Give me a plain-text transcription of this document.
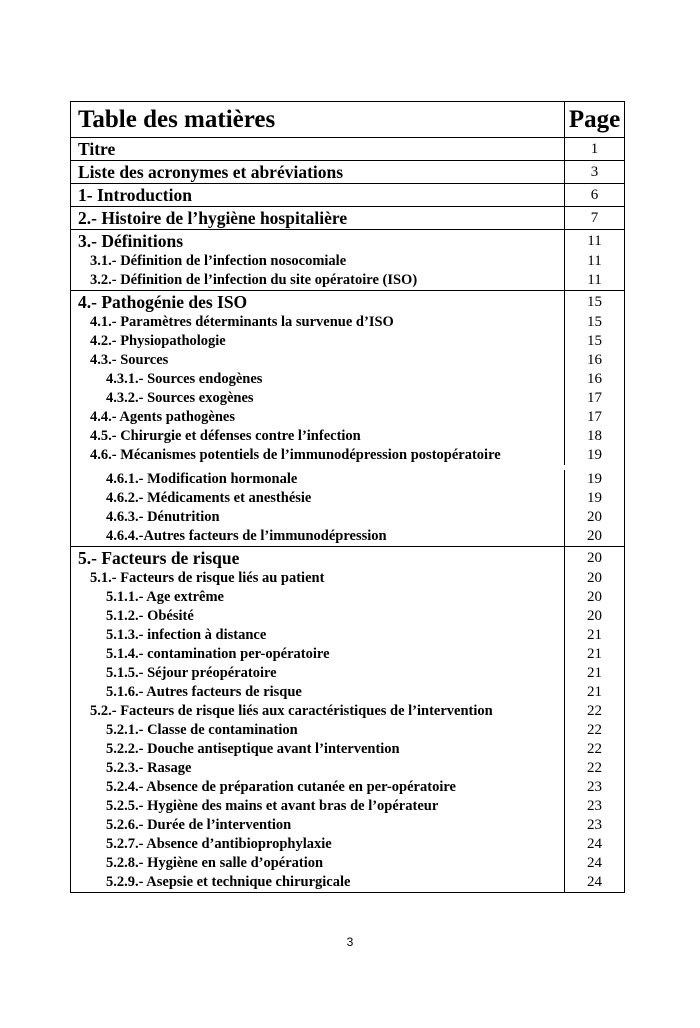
Table des matières	Page
Titre	1
Liste des acronymes et abréviations	3
1- Introduction	6
2.- Histoire de l’hygiène hospitalière	7
3.- Définitions	11
3.1.- Définition de l’infection nosocomiale	11
3.2.- Définition de l’infection du site opératoire (ISO)	11
4.- Pathogénie des ISO	15
4.1.- Paramètres déterminants la survenue d’ISO	15
4.2.- Physiopathologie	15
4.3.- Sources	16
4.3.1.- Sources endogènes	16
4.3.2.- Sources exogènes	17
4.4.- Agents pathogènes	17
4.5.- Chirurgie et défenses contre l’infection	18
4.6.- Mécanismes potentiels de l’immunodépression postopératoire	19
4.6.1.- Modification hormonale	19
4.6.2.- Médicaments et anesthésie	19
4.6.3.- Dénutrition	20
4.6.4.-Autres facteurs de l’immunodépression	20
5.- Facteurs de risque	20
5.1.- Facteurs de risque liés au patient	20
5.1.1.- Age extrême	20
5.1.2.- Obésité	20
5.1.3.- infection à distance	21
5.1.4.- contamination per-opératoire	21
5.1.5.- Séjour préopératoire	21
5.1.6.- Autres facteurs de risque	21
5.2.- Facteurs de risque liés aux caractéristiques de l’intervention	22
5.2.1.- Classe de contamination	22
5.2.2.- Douche antiseptique avant l’intervention	22
5.2.3.- Rasage	22
5.2.4.- Absence de préparation cutanée en per-opératoire	23
5.2.5.- Hygiène des mains et avant bras de l’opérateur	23
5.2.6.- Durée de l’intervention	23
5.2.7.- Absence d’antibioprophylaxie	24
5.2.8.- Hygiène en salle d’opération	24
5.2.9.- Asepsie et technique chirurgicale	24
3
